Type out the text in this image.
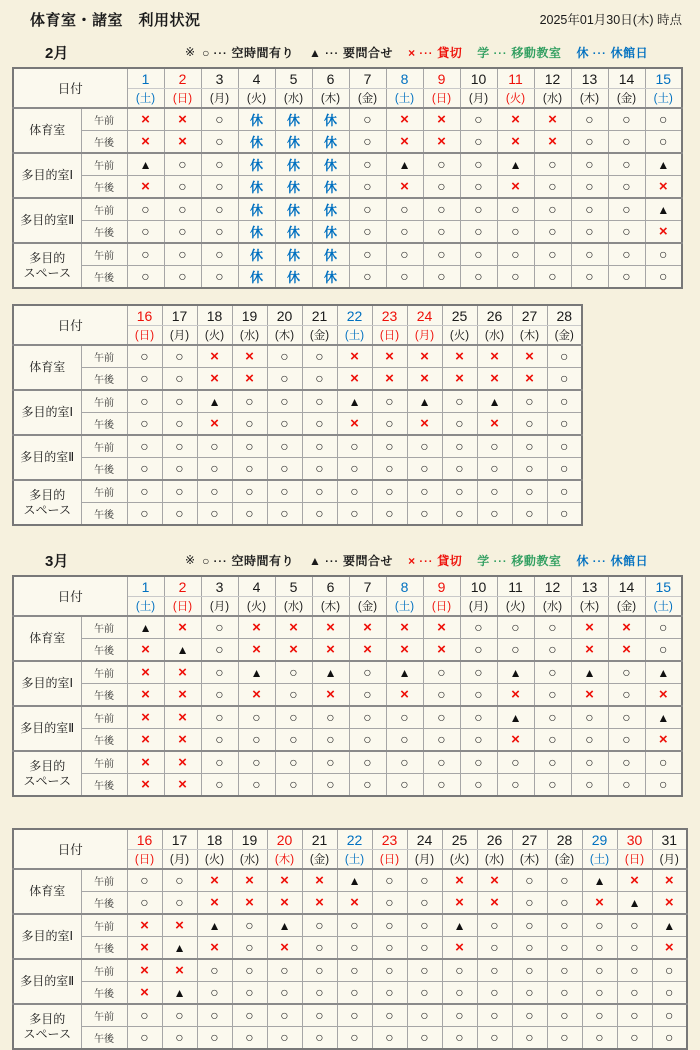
体育室・諸室　利用状況	2025年01月30日(木) 時点
2月	※ ○ ··· 空時間有り ▲ ··· 要問合せ × ··· 貸切 学 ··· 移動教室 休 ··· 休館日
日付		1	2	3	4	5	6	7	8	9	10	11	12	13	14	15
		(土)	(日)	(月)	(火)	(水)	(木)	(金)	(土)	(日)	(月)	(火)	(水)	(木)	(金)	(土)
体育室	午前	×	×	○	休	休	休	○	×	×	○	×	×	○	○	○
	午後	×	×	○	休	休	休	○	×	×	○	×	×	○	○	○
多目的室Ⅰ	午前	▲	○	○	休	休	休	○	▲	○	○	▲	○	○	○	▲
	午後	×	○	○	休	休	休	○	×	○	○	×	○	○	○	×
多目的室Ⅱ	午前	○	○	○	休	休	休	○	○	○	○	○	○	○	○	▲
	午後	○	○	○	休	休	休	○	○	○	○	○	○	○	○	×
多目的
スペース	午前	○	○	○	休	休	休	○	○	○	○	○	○	○	○	○
	午後	○	○	○	休	休	休	○	○	○	○	○	○	○	○	○
日付		16	17	18	19	20	21	22	23	24	25	26	27	28
		(日)	(月)	(火)	(水)	(木)	(金)	(土)	(日)	(月)	(火)	(水)	(木)	(金)
体育室	午前	○	○	×	×	○	○	×	×	×	×	×	×	○
	午後	○	○	×	×	○	○	×	×	×	×	×	×	○
多目的室Ⅰ	午前	○	○	▲	○	○	○	▲	○	▲	○	▲	○	○
	午後	○	○	×	○	○	○	×	○	×	○	×	○	○
多目的室Ⅱ	午前	○	○	○	○	○	○	○	○	○	○	○	○	○
	午後	○	○	○	○	○	○	○	○	○	○	○	○	○
多目的
スペース	午前	○	○	○	○	○	○	○	○	○	○	○	○	○
	午後	○	○	○	○	○	○	○	○	○	○	○	○	○
3月	※ ○ ··· 空時間有り ▲ ··· 要問合せ × ··· 貸切 学 ··· 移動教室 休 ··· 休館日
日付		1	2	3	4	5	6	7	8	9	10	11	12	13	14	15
		(土)	(日)	(月)	(火)	(水)	(木)	(金)	(土)	(日)	(月)	(火)	(水)	(木)	(金)	(土)
体育室	午前	▲	×	○	×	×	×	×	×	×	○	○	○	×	×	○
	午後	×	▲	○	×	×	×	×	×	×	○	○	○	×	×	○
多目的室Ⅰ	午前	×	×	○	▲	○	▲	○	▲	○	○	▲	○	▲	○	▲
	午後	×	×	○	×	○	×	○	×	○	○	×	○	×	○	×
多目的室Ⅱ	午前	×	×	○	○	○	○	○	○	○	○	▲	○	○	○	▲
	午後	×	×	○	○	○	○	○	○	○	○	×	○	○	○	×
多目的
スペース	午前	×	×	○	○	○	○	○	○	○	○	○	○	○	○	○
	午後	×	×	○	○	○	○	○	○	○	○	○	○	○	○	○
日付		16	17	18	19	20	21	22	23	24	25	26	27	28	29	30	31
		(日)	(月)	(火)	(水)	(木)	(金)	(土)	(日)	(月)	(火)	(水)	(木)	(金)	(土)	(日)	(月)
体育室	午前	○	○	×	×	×	×	▲	○	○	×	×	○	○	▲	×	×
	午後	○	○	×	×	×	×	×	○	○	×	×	○	○	×	▲	×
多目的室Ⅰ	午前	×	×	▲	○	▲	○	○	○	○	▲	○	○	○	○	○	▲
	午後	×	▲	×	○	×	○	○	○	○	×	○	○	○	○	○	×
多目的室Ⅱ	午前	×	×	○	○	○	○	○	○	○	○	○	○	○	○	○	○
	午後	×	▲	○	○	○	○	○	○	○	○	○	○	○	○	○	○
多目的
スペース	午前	○	○	○	○	○	○	○	○	○	○	○	○	○	○	○	○
	午後	○	○	○	○	○	○	○	○	○	○	○	○	○	○	○	○
